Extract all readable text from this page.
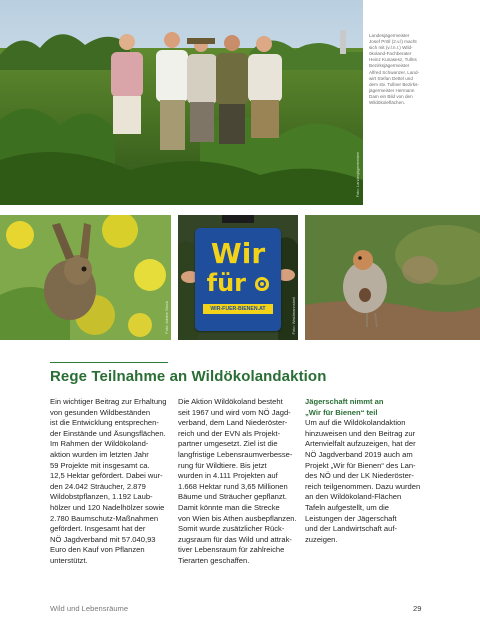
Foto: Landesjägermeister
Landesjägermeister
Josef Pröll (2.v.l) macht
sich mit (v.l.n.r.) Wild-
ökoland-Fachberater
Heinz Kunasesz, Tullns
Bezirksjägermeister
Alfred Schwanzer, Land-
wirt Stefan Dettel und
dem stv. Tullner Bezirks-
jägermeister Hermann
Dam ein Bild von den
Wildökoleflächen.
Foto: Adobe Stock
Wir
für
WIR-FUER-BIENEN.AT	Foto: Waidmannsheil
Rege Teilnahme an Wildökolandaktion
Ein wichtiger Beitrag zur Erhaltung
von gesunden Wildbeständen
ist die Entwicklung entsprechen-
der Einstände und Äsungsflächen.
Im Rahmen der Wildökoland-
aktion wurden im letzten Jahr
59 Projekte mit insgesamt ca.
12,5 Hektar gefördert. Dabei wur-
den 24.042 Sträucher, 2.879
Wildobstpflanzen, 1.192 Laub-
hölzer und 120 Nadelhölzer sowie
2.780 Baumschutz-Maßnahmen
gefördert. Insgesamt hat der
NÖ Jagdverband mit 57.040,93
Euro den Kauf von Pflanzen
unterstützt.
Die Aktion Wildökoland besteht
seit 1967 und wird vom NÖ Jagd-
verband, dem Land Niederöster-
reich und der EVN als Projekt-
partner umgesetzt. Ziel ist die
langfristige Lebensraumverbesse-
rung für Wildtiere. Bis jetzt
wurden in 4.111 Projekten auf
1.668 Hektar rund 3,65 Millionen
Bäume und Sträucher gepflanzt.
Damit könnte man die Strecke
von Wien bis Athen ausbepflanzen.
Somit wurde zusätzlicher Rück-
zugsraum für das Wild und attrak-
tiver Lebensraum für zahlreiche
Tierarten geschaffen.
Jägerschaft nimmt an
„Wir für Bienen“ teil
Um auf die Wildökolandaktion
hinzuweisen und den Beitrag zur
Artenvielfalt aufzuzeigen, hat der
NÖ Jagdverband 2019 auch am
Projekt „Wir für Bienen“ des Lan-
des NÖ und der LK Niederöster-
reich teilgenommen. Dazu wurden
an den Wildökoland-Flächen
Tafeln aufgestellt, um die
Leistungen der Jägerschaft
und der Landwirtschaft auf-
zuzeigen.
Wild und Lebensräume	29
